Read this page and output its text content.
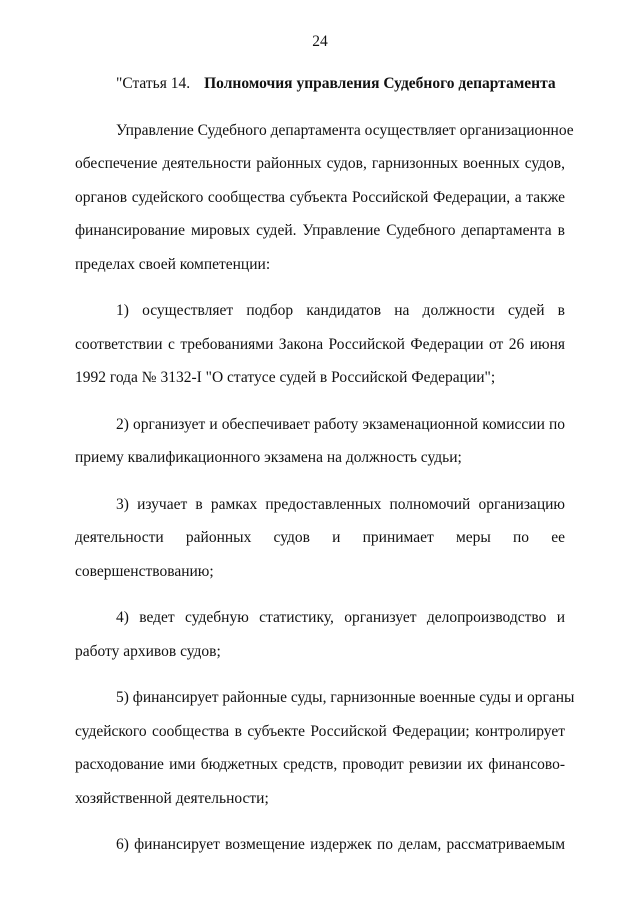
24
"Статья 14. Полномочия управления Судебного департамента
Управление Судебного департамента осуществляет организационное
обеспечение деятельности районных судов, гарнизонных военных судов,
органов судейского сообщества субъекта Российской Федерации, а также
финансирование мировых судей. Управление Судебного департамента в
пределах своей компетенции:
1) осуществляет подбор кандидатов на должности судей в
соответствии с требованиями Закона Российской Федерации от 26 июня
1992 года № 3132-I "О статусе судей в Российской Федерации";
2) организует и обеспечивает работу экзаменационной комиссии по
приему квалификационного экзамена на должность судьи;
3) изучает в рамках предоставленных полномочий организацию
деятельности районных судов и принимает меры по ее
совершенствованию;
4) ведет судебную статистику, организует делопроизводство и
работу архивов судов;
5) финансирует районные суды, гарнизонные военные суды и органы
судейского сообщества в субъекте Российской Федерации; контролирует
расходование ими бюджетных средств, проводит ревизии их финансово-
хозяйственной деятельности;
6) финансирует возмещение издержек по делам, рассматриваемым
